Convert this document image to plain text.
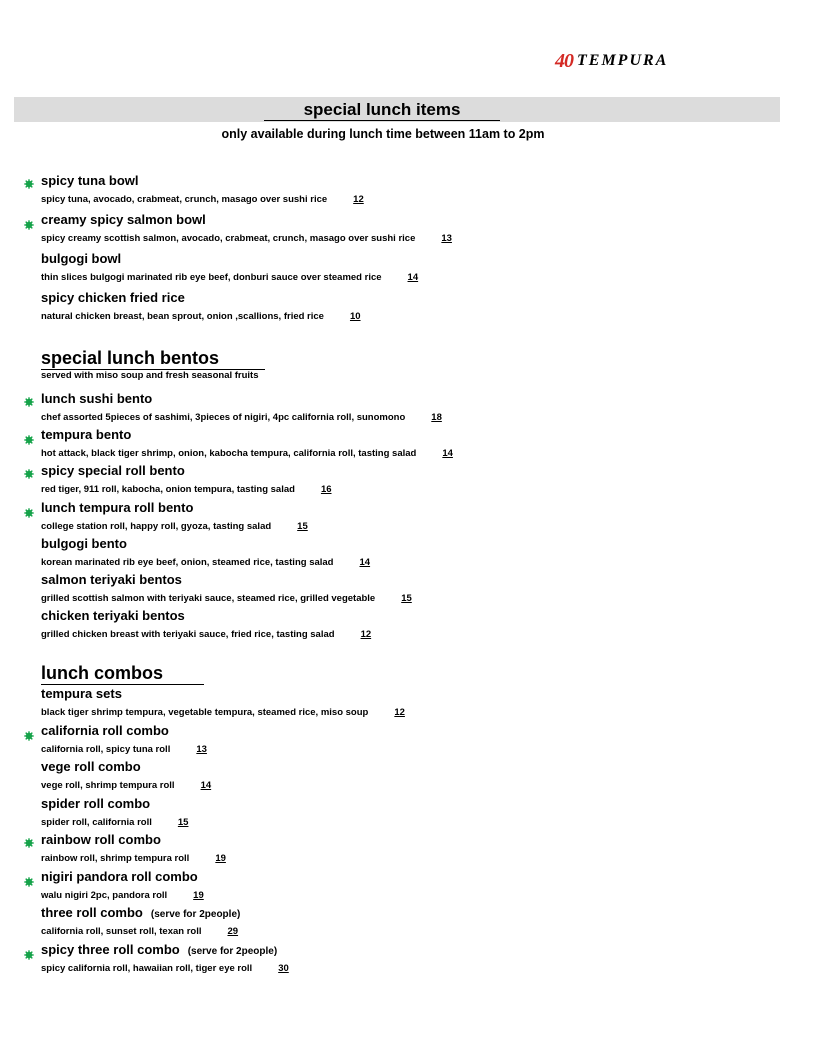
40 TEMPURA
special lunch items
only available during lunch time between 11am to 2pm
spicy tuna bowl
spicy tuna, avocado, crabmeat, crunch, masago over sushi rice	12
creamy spicy salmon bowl
spicy creamy scottish salmon, avocado, crabmeat, crunch, masago over sushi rice	13
bulgogi bowl
thin slices bulgogi marinated rib eye beef, donburi sauce over steamed rice	14
spicy chicken fried rice
natural chicken breast, bean sprout, onion ,scallions, fried rice	10
special lunch bentos
served with miso soup and fresh seasonal fruits
lunch sushi bento
chef assorted 5pieces of sashimi, 3pieces of nigiri, 4pc california roll, sunomono	18
tempura bento
hot attack, black tiger shrimp, onion, kabocha tempura, california roll, tasting salad	14
spicy special roll bento
red tiger, 911 roll, kabocha, onion tempura, tasting salad	16
lunch tempura roll bento
college station roll, happy roll, gyoza, tasting salad	15
bulgogi bento
korean marinated rib eye beef, onion, steamed rice, tasting salad	14
salmon teriyaki bentos
grilled scottish salmon with teriyaki sauce, steamed rice, grilled vegetable	15
chicken teriyaki bentos
grilled chicken breast with teriyaki sauce, fried rice, tasting salad	12
lunch combos
tempura sets
black tiger shrimp tempura, vegetable tempura, steamed rice, miso soup	12
california roll combo
california roll, spicy tuna roll	13
vege roll combo
vege roll, shrimp tempura roll	14
spider roll combo
spider roll, california roll	15
rainbow roll combo
rainbow roll, shrimp tempura roll	19
nigiri pandora roll combo
walu nigiri 2pc, pandora roll	19
three roll combo (serve for 2people)
california roll, sunset roll, texan roll	29
spicy three roll combo (serve for 2people)
spicy california roll, hawaiian roll, tiger eye roll	30
